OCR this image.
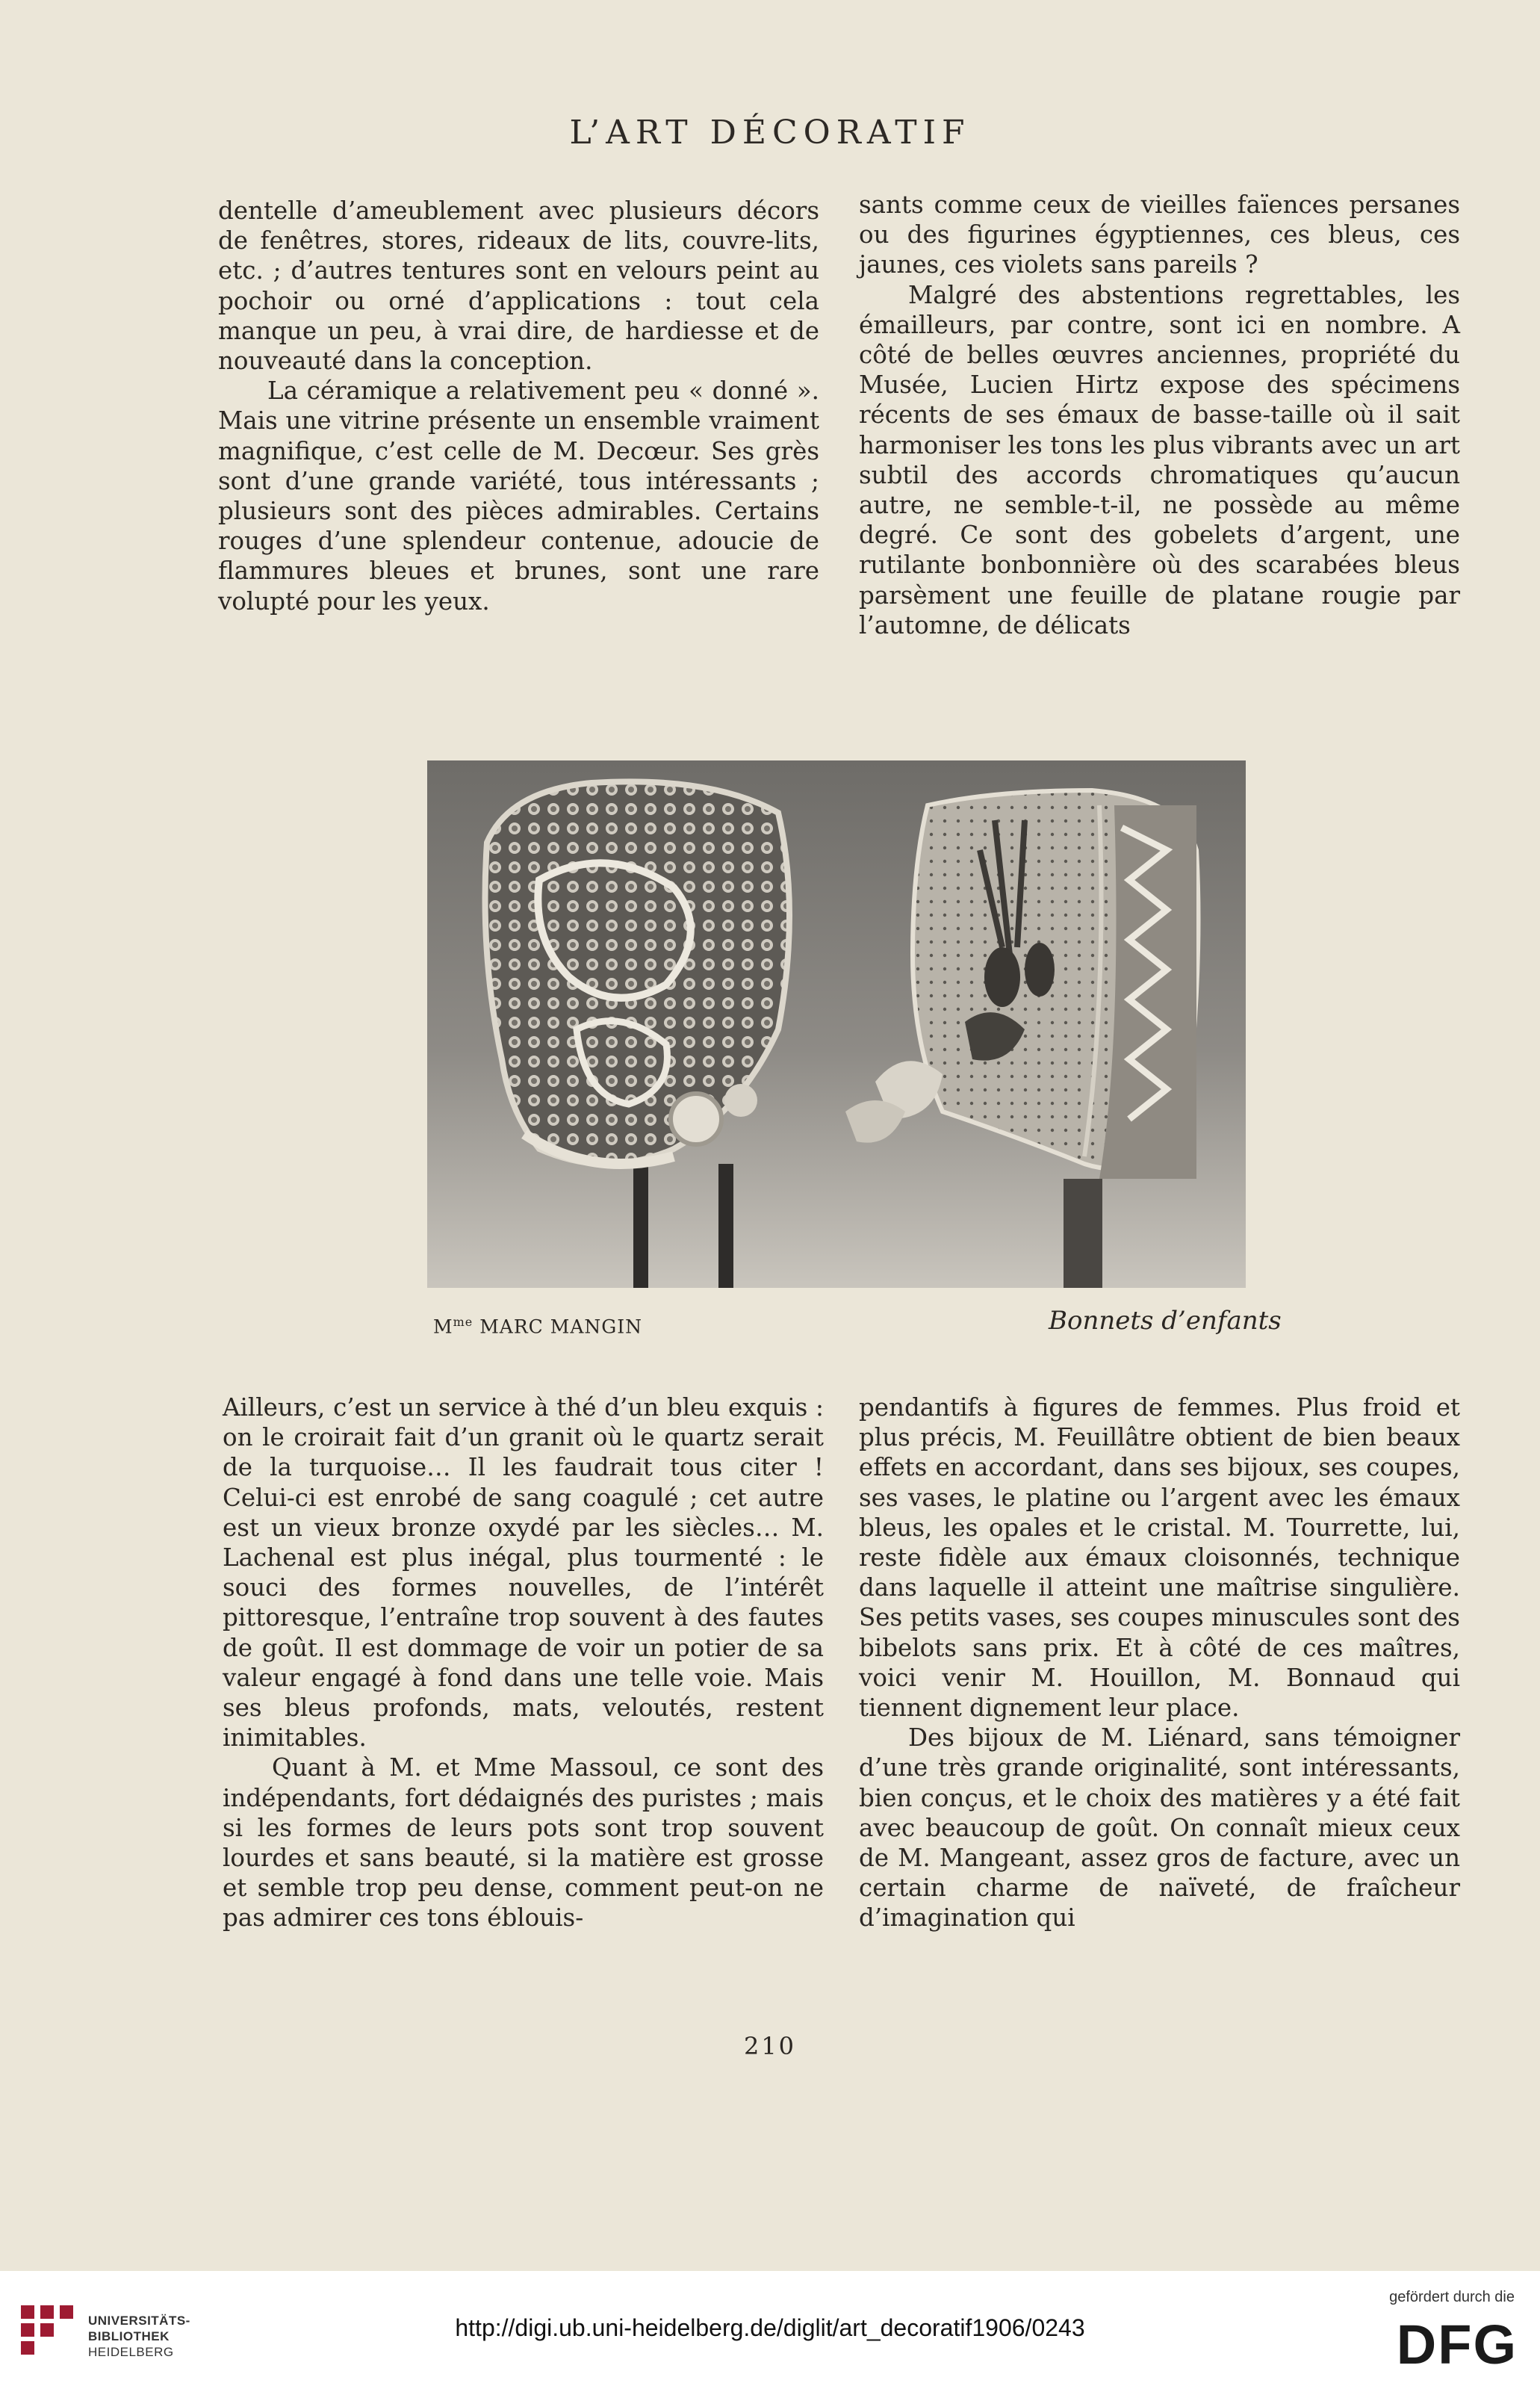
L’ART DÉCORATIF

dentelle d’ameublement avec plusieurs décors de fenêtres, stores, rideaux de lits, couvre-lits, etc. ; d’autres tentures sont en velours peint au pochoir ou orné d’applications : tout cela manque un peu, à vrai dire, de hardiesse et de nouveauté dans la conception.

La céramique a relativement peu « donné ». Mais une vitrine présente un ensemble vraiment magnifique, c’est celle de M. Decœur. Ses grès sont d’une grande variété, tous intéressants ; plusieurs sont des pièces admirables. Certains rouges d’une splendeur contenue, adoucie de flammures bleues et brunes, sont une rare volupté pour les yeux.

sants comme ceux de vieilles faïences persanes ou des figurines égyptiennes, ces bleus, ces jaunes, ces violets sans pareils ?

Malgré des abstentions regrettables, les émailleurs, par contre, sont ici en nombre. A côté de belles œuvres anciennes, propriété du Musée, Lucien Hirtz expose des spécimens récents de ses émaux de basse-taille où il sait harmoniser les tons les plus vibrants avec un art subtil des accords chromatiques qu’aucun autre, ne semble-t-il, ne possède au même degré. Ce sont des gobelets d’argent, une rutilante bonbonnière où des scarabées bleus parsèment une feuille de platane rougie par l’automne, de délicats

$M^{me}$ MARC MANGIN	Bonnets d’enfants

Ailleurs, c’est un service à thé d’un bleu exquis : on le croirait fait d’un granit où le quartz serait de la turquoise… Il les faudrait tous citer ! Celui-ci est enrobé de sang coagulé ; cet autre est un vieux bronze oxydé par les siècles… M. Lachenal est plus inégal, plus tourmenté : le souci des formes nouvelles, de l’intérêt pittoresque, l’entraîne trop souvent à des fautes de goût. Il est dommage de voir un potier de sa valeur engagé à fond dans une telle voie. Mais ses bleus profonds, mats, veloutés, restent inimitables.

Quant à M. et Mme Massoul, ce sont des indépendants, fort dédaignés des puristes ; mais si les formes de leurs pots sont trop souvent lourdes et sans beauté, si la matière est grosse et semble trop peu dense, comment peut-on ne pas admirer ces tons éblouis-

pendantifs à figures de femmes. Plus froid et plus précis, M. Feuillâtre obtient de bien beaux effets en accordant, dans ses bijoux, ses coupes, ses vases, le platine ou l’argent avec les émaux bleus, les opales et le cristal. M. Tourrette, lui, reste fidèle aux émaux cloisonnés, technique dans laquelle il atteint une maîtrise singulière. Ses petits vases, ses coupes minuscules sont des bibelots sans prix. Et à côté de ces maîtres, voici venir M. Houillon, M. Bonnaud qui tiennent dignement leur place.

Des bijoux de M. Liénard, sans témoigner d’une très grande originalité, sont intéressants, bien conçus, et le choix des matières y a été fait avec beaucoup de goût. On connaît mieux ceux de M. Mangeant, assez gros de facture, avec un certain charme de naïveté, de fraîcheur d’imagination qui

210
UNIVERSITÄTS-
BIBLIOTHEK
HEIDELBERG
http://digi.ub.uni-heidelberg.de/diglit/art_decoratif1906/0243
gefördert durch die
DFG
